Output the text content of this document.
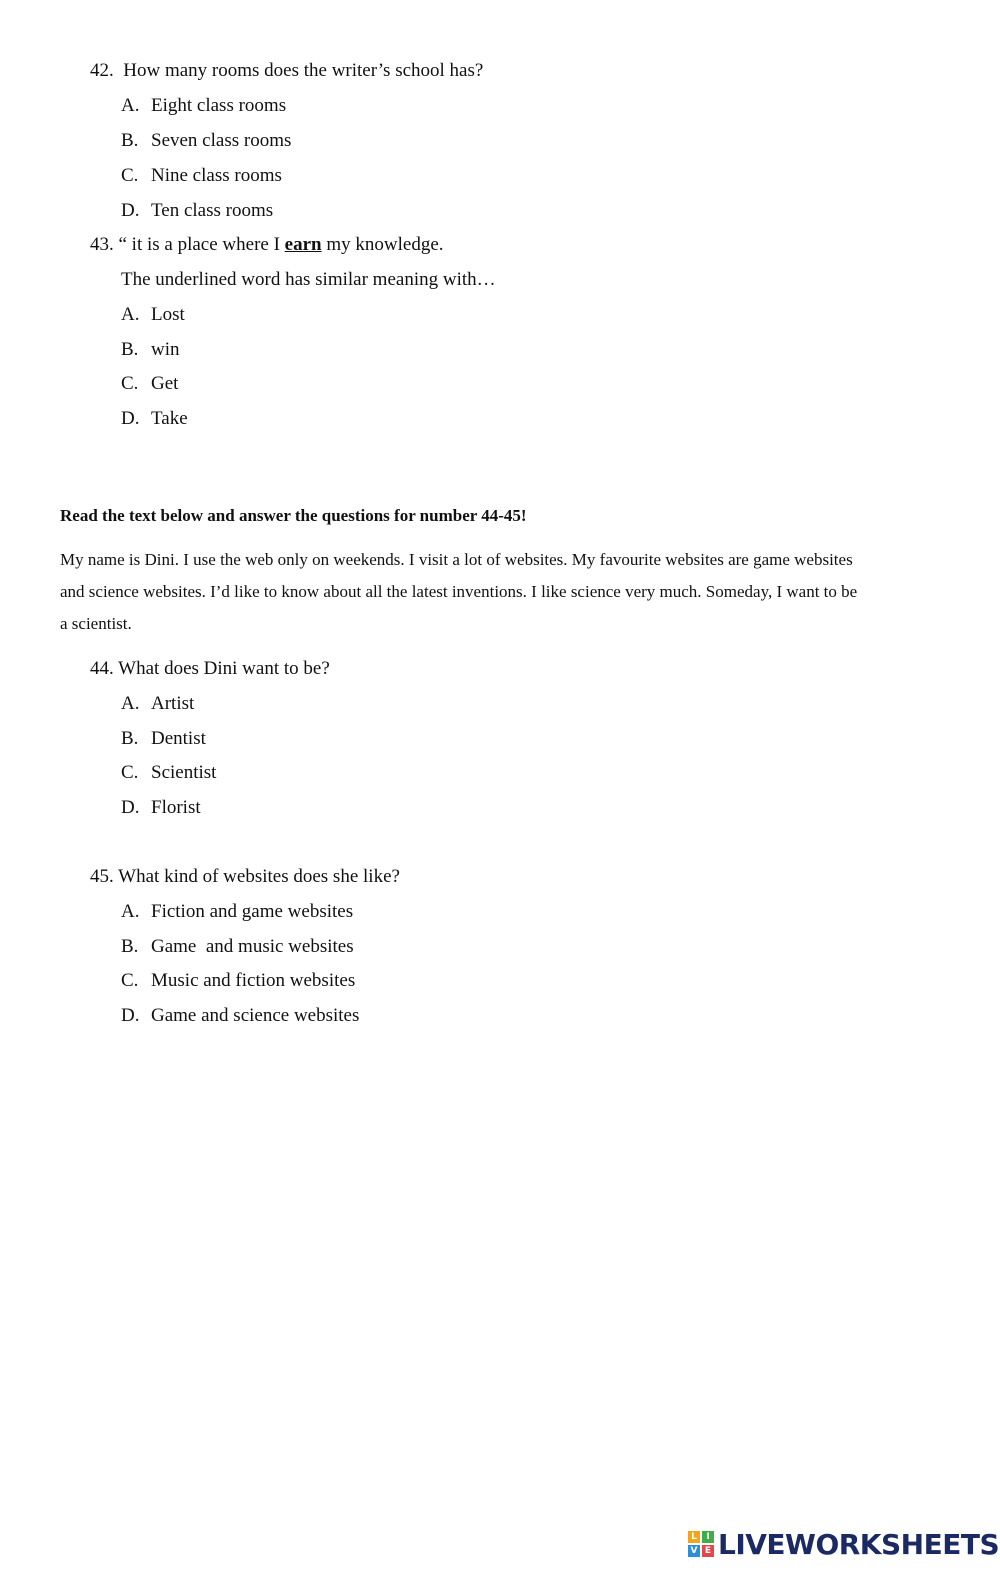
42. How many rooms does the writer’s school has?
A. Eight class rooms
B. Seven class rooms
C. Nine class rooms
D. Ten class rooms
43. “ it is a place where I earn my knowledge.
The underlined word has similar meaning with…
A. Lost
B. win
C. Get
D. Take
Read the text below and answer the questions for number 44-45!
My name is Dini. I use the web only on weekends. I visit a lot of websites. My favourite websites are game websites
and science websites. I’d like to know about all the latest inventions. I like science very much. Someday, I want to be
a scientist.
44. What does Dini want to be?
A. Artist
B. Dentist
C. Scientist
D. Florist
45. What kind of websites does she like?
A. Fiction and game websites
B. Game  and music websites
C. Music and fiction websites
D. Game and science websites
L	I
V E LIVEWORKSHEETS
